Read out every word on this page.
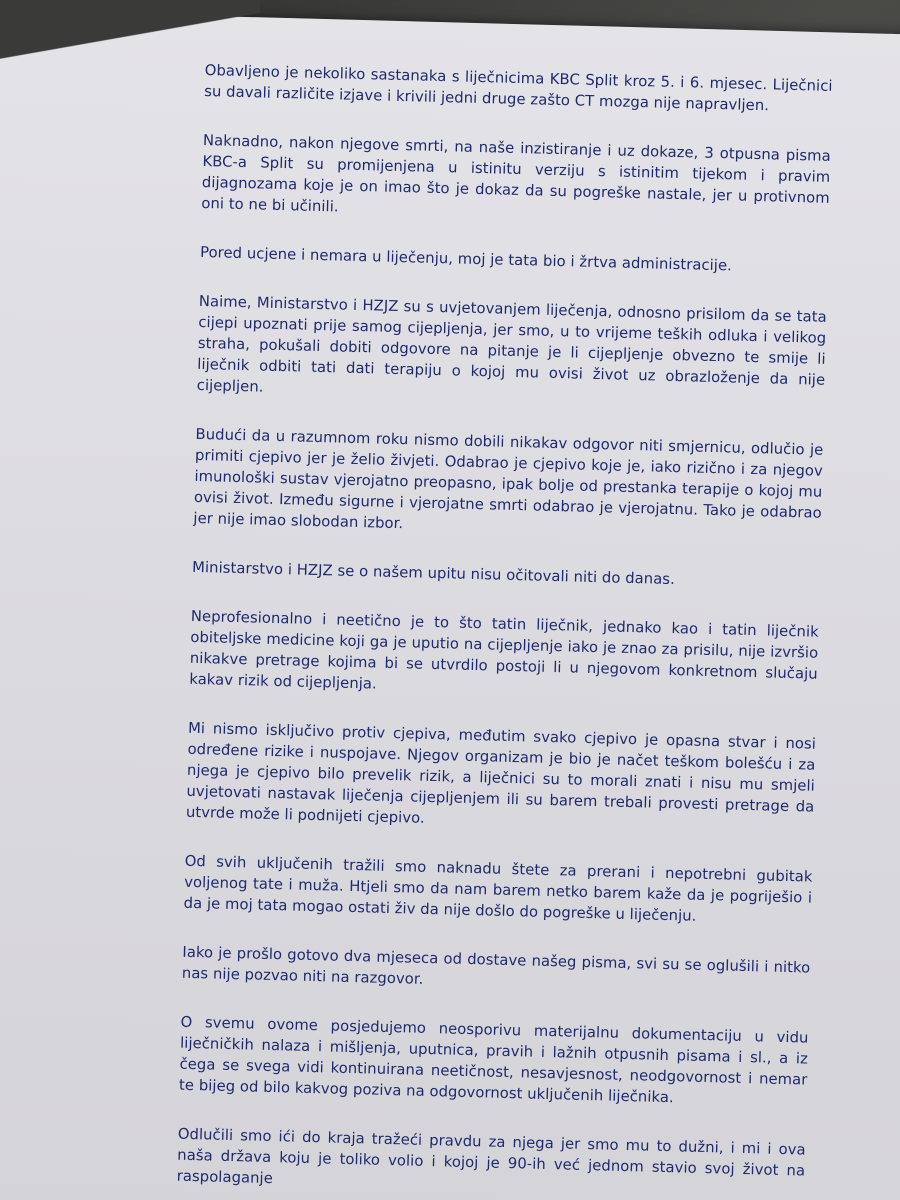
Obavljeno je nekoliko sastanaka s liječnicima KBC Split kroz 5. i 6. mjesec. Liječnici su davali različite izjave i krivili jedni druge zašto CT mozga nije napravljen.

Naknadno, nakon njegove smrti, na naše inzistiranje i uz dokaze, 3 otpusna pisma KBC-a Split su promijenjena u istinitu verziju s istinitim tijekom i pravim dijagnozama koje je on imao što je dokaz da su pogreške nastale, jer u protivnom oni to ne bi učinili.

Pored ucjene i nemara u liječenju, moj je tata bio i žrtva administracije.

Naime, Ministarstvo i HZJZ su s uvjetovanjem liječenja, odnosno prisilom da se tata cijepi upoznati prije samog cijepljenja, jer smo, u to vrijeme teških odluka i velikog straha, pokušali dobiti odgovore na pitanje je li cijepljenje obvezno te smije li liječnik odbiti tati dati terapiju o kojoj mu ovisi život uz obrazloženje da nije cijepljen.

Budući da u razumnom roku nismo dobili nikakav odgovor niti smjernicu, odlučio je primiti cjepivo jer je želio živjeti. Odabrao je cjepivo koje je, iako rizično i za njegov imunološki sustav vjerojatno preopasno, ipak bolje od prestanka terapije o kojoj mu ovisi život. Između sigurne i vjerojatne smrti odabrao je vjerojatnu. Tako je odabrao jer nije imao slobodan izbor.

Ministarstvo i HZJZ se o našem upitu nisu očitovali niti do danas.

Neprofesionalno i neetično je to što tatin liječnik, jednako kao i tatin liječnik obiteljske medicine koji ga je uputio na cijepljenje iako je znao za prisilu, nije izvršio nikakve pretrage kojima bi se utvrdilo postoji li u njegovom konkretnom slučaju kakav rizik od cijepljenja.

Mi nismo isključivo protiv cjepiva, međutim svako cjepivo je opasna stvar i nosi određene rizike i nuspojave. Njegov organizam je bio je načet teškom bolešću i za njega je cjepivo bilo prevelik rizik, a liječnici su to morali znati i nisu mu smjeli uvjetovati nastavak liječenja cijepljenjem ili su barem trebali provesti pretrage da utvrde može li podnijeti cjepivo.

Od svih uključenih tražili smo naknadu štete za prerani i nepotrebni gubitak voljenog tate i muža. Htjeli smo da nam barem netko barem kaže da je pogriješio i da je moj tata mogao ostati živ da nije došlo do pogreške u liječenju.

Iako je prošlo gotovo dva mjeseca od dostave našeg pisma, svi su se oglušili i nitko nas nije pozvao niti na razgovor.

O svemu ovome posjedujemo neosporivu materijalnu dokumentaciju u vidu liječničkih nalaza i mišljenja, uputnica, pravih i lažnih otpusnih pisama i sl., a iz čega se svega vidi kontinuirana neetičnost, nesavjesnost, neodgovornost i nemar te bijeg od bilo kakvog poziva na odgovornost uključenih liječnika.

Odlučili smo ići do kraja tražeći pravdu za njega jer smo mu to dužni, i mi i ova naša država koju je toliko volio i kojoj je 90-ih već jednom stavio svoj život na raspolaganje
